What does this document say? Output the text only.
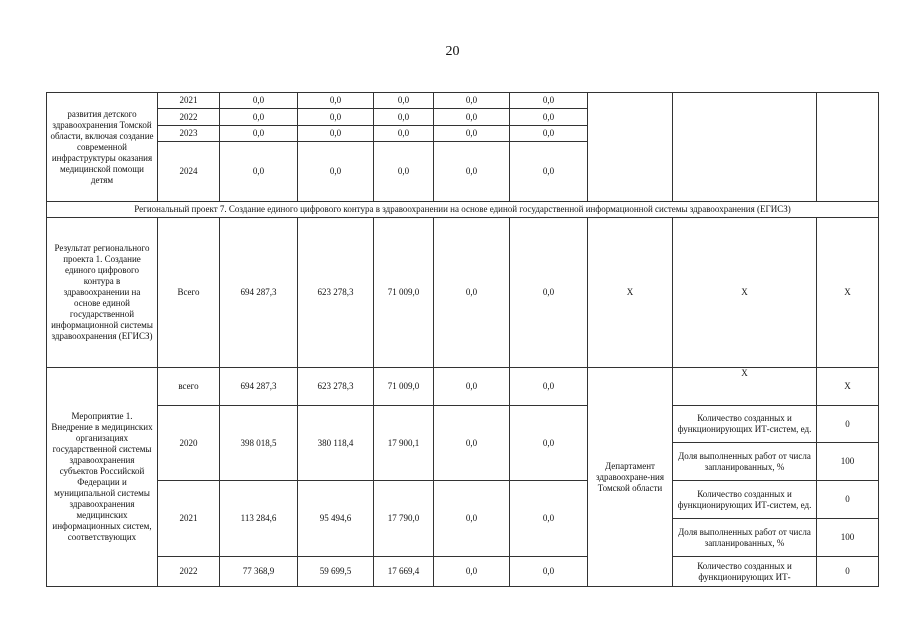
20
развития детского здравоохранения Томской области, включая создание современной инфраструктуры оказания медицинской помощи детям	2021	0,0	0,0	0,0	0,0	0,0			
	2022	0,0	0,0	0,0	0,0	0,0			
	2023	0,0	0,0	0,0	0,0	0,0			
	2024	0,0	0,0	0,0	0,0	0,0			
Региональный проект 7. Создание единого цифрового контура в здравоохранении на основе единой государственной информационной системы здравоохранения (ЕГИСЗ)									
Результат регионального проекта 1. Создание единого цифрового контура в здравоохранении на основе единой государственной информационной системы здравоохранения (ЕГИСЗ)	Всего	694 287,3	623 278,3	71 009,0	0,0	0,0	X	X	X
Мероприятие 1. Внедрение в медицинских организациях государственной системы здравоохранения субъектов Российской Федерации и муниципальной системы здравоохранения медицинских информационных систем, соответствующих	всего	694 287,3	623 278,3	71 009,0	0,0	0,0	Департамент здравоохране-ния Томской области	X	X
	2020	398 018,5	380 118,4	17 900,1	0,0	0,0		Количество созданных и функционирующих ИТ-систем, ед.	0
								Доля выполненных работ от числа запланированных, %	100
	2021	113 284,6	95 494,6	17 790,0	0,0	0,0		Количество созданных и функционирующих ИТ-систем, ед.	0
								Доля выполненных работ от числа запланированных, %	100
	2022	77 368,9	59 699,5	17 669,4	0,0	0,0		Количество созданных и функционирующих ИТ-	0
